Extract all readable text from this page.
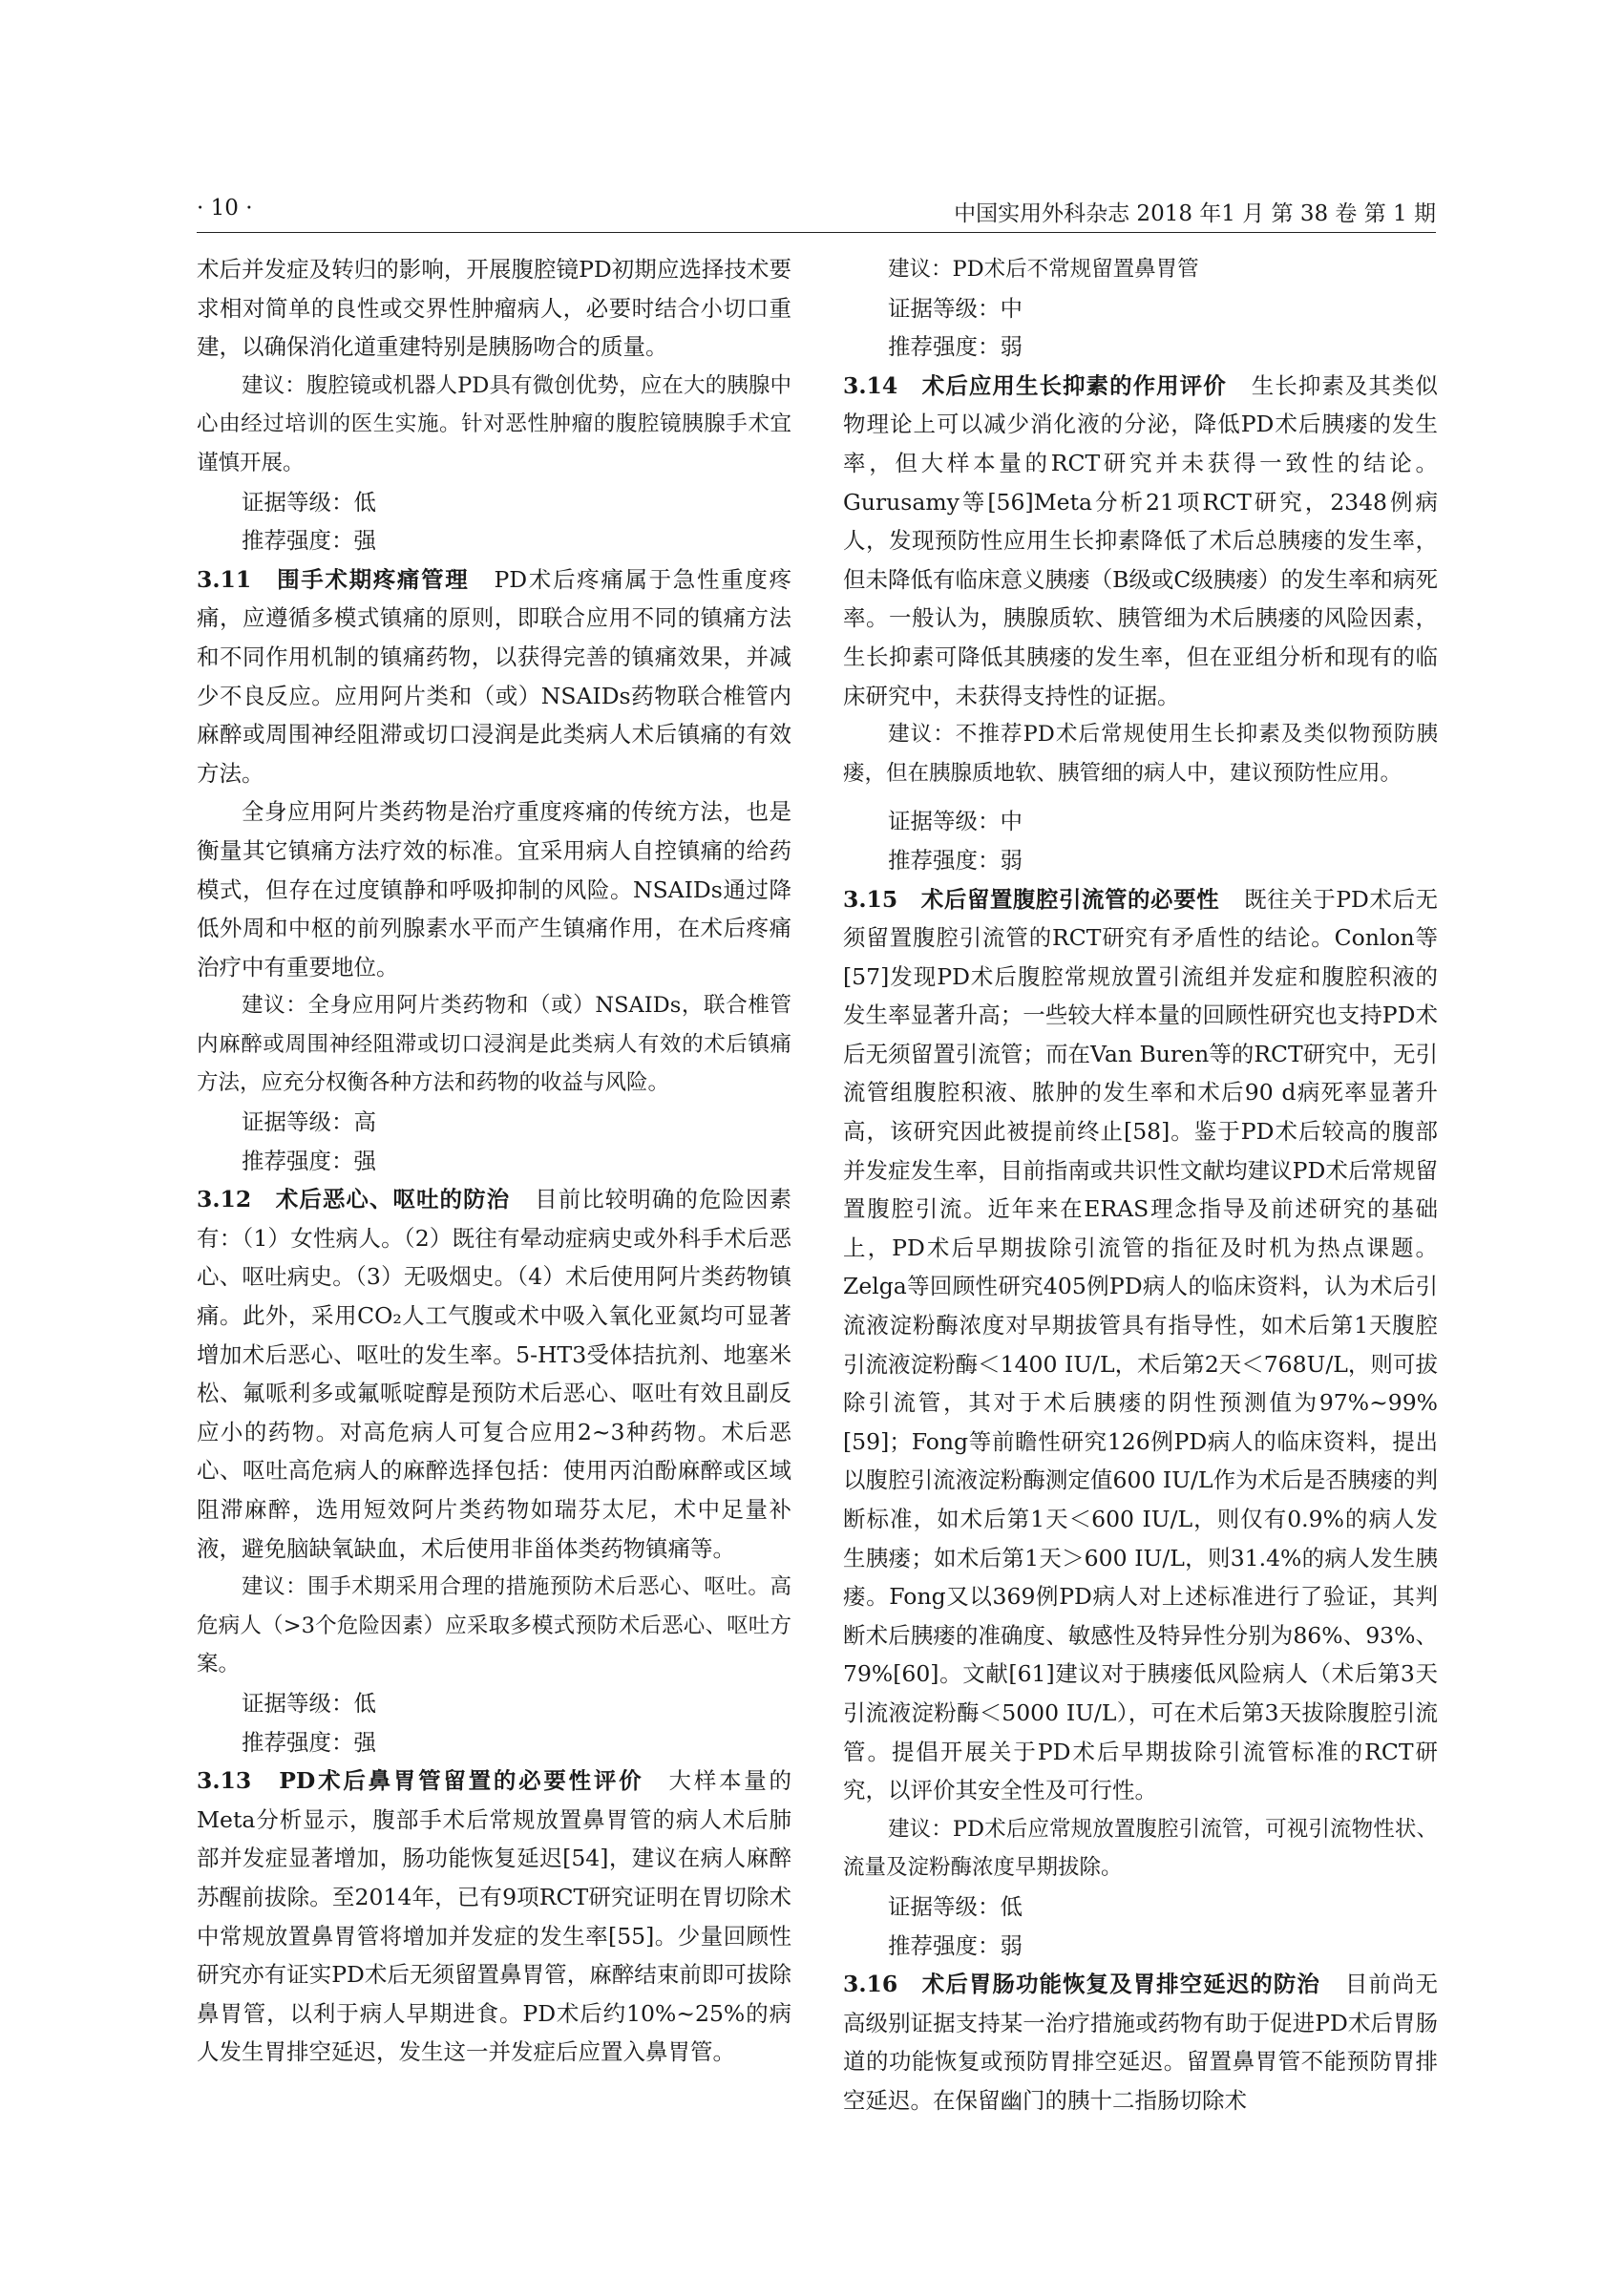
· 10 ·	中国实用外科杂志 2018 年1 月 第 38 卷 第 1 期

术后并发症及转归的影响，开展腹腔镜PD初期应选择技术要求相对简单的良性或交界性肿瘤病人，必要时结合小切口重建，以确保消化道重建特别是胰肠吻合的质量。

建议：腹腔镜或机器人PD具有微创优势，应在大的胰腺中心由经过培训的医生实施。针对恶性肿瘤的腹腔镜胰腺手术宜谨慎开展。

证据等级：低

推荐强度：强

3.11　围手术期疼痛管理 PD术后疼痛属于急性重度疼痛，应遵循多模式镇痛的原则，即联合应用不同的镇痛方法和不同作用机制的镇痛药物，以获得完善的镇痛效果，并减少不良反应。应用阿片类和（或）NSAIDs药物联合椎管内麻醉或周围神经阻滞或切口浸润是此类病人术后镇痛的有效方法。

全身应用阿片类药物是治疗重度疼痛的传统方法，也是衡量其它镇痛方法疗效的标准。宜采用病人自控镇痛的给药模式，但存在过度镇静和呼吸抑制的风险。NSAIDs通过降低外周和中枢的前列腺素水平而产生镇痛作用，在术后疼痛治疗中有重要地位。

建议：全身应用阿片类药物和（或）NSAIDs，联合椎管内麻醉或周围神经阻滞或切口浸润是此类病人有效的术后镇痛方法，应充分权衡各种方法和药物的收益与风险。

证据等级：高

推荐强度：强

3.12　术后恶心、呕吐的防治 目前比较明确的危险因素有：（1）女性病人。（2）既往有晕动症病史或外科手术后恶心、呕吐病史。（3）无吸烟史。（4）术后使用阿片类药物镇痛。此外，采用CO₂人工气腹或术中吸入氧化亚氮均可显著增加术后恶心、呕吐的发生率。5-HT3受体拮抗剂、地塞米松、氟哌利多或氟哌啶醇是预防术后恶心、呕吐有效且副反应小的药物。对高危病人可复合应用2~3种药物。术后恶心、呕吐高危病人的麻醉选择包括：使用丙泊酚麻醉或区域阻滞麻醉，选用短效阿片类药物如瑞芬太尼，术中足量补液，避免脑缺氧缺血，术后使用非甾体类药物镇痛等。

建议：围手术期采用合理的措施预防术后恶心、呕吐。高危病人（>3个危险因素）应采取多模式预防术后恶心、呕吐方案。

证据等级：低

推荐强度：强

3.13　PD术后鼻胃管留置的必要性评价 大样本量的Meta分析显示，腹部手术后常规放置鼻胃管的病人术后肺部并发症显著增加，肠功能恢复延迟[54]，建议在病人麻醉苏醒前拔除。至2014年，已有9项RCT研究证明在胃切除术中常规放置鼻胃管将增加并发症的发生率[55]。少量回顾性研究亦有证实PD术后无须留置鼻胃管，麻醉结束前即可拔除鼻胃管，以利于病人早期进食。PD术后约10%~25%的病人发生胃排空延迟，发生这一并发症后应置入鼻胃管。

建议：PD术后不常规留置鼻胃管

证据等级：中

推荐强度：弱

3.14　术后应用生长抑素的作用评价 生长抑素及其类似物理论上可以减少消化液的分泌，降低PD术后胰瘘的发生率，但大样本量的RCT研究并未获得一致性的结论。Gurusamy等[56]Meta分析21项RCT研究，2348例病人，发现预防性应用生长抑素降低了术后总胰瘘的发生率，但未降低有临床意义胰瘘（B级或C级胰瘘）的发生率和病死率。一般认为，胰腺质软、胰管细为术后胰瘘的风险因素，生长抑素可降低其胰瘘的发生率，但在亚组分析和现有的临床研究中，未获得支持性的证据。

建议：不推荐PD术后常规使用生长抑素及类似物预防胰瘘，但在胰腺质地软、胰管细的病人中，建议预防性应用。

证据等级：中

推荐强度：弱

3.15　术后留置腹腔引流管的必要性 既往关于PD术后无须留置腹腔引流管的RCT研究有矛盾性的结论。Conlon等[57]发现PD术后腹腔常规放置引流组并发症和腹腔积液的发生率显著升高；一些较大样本量的回顾性研究也支持PD术后无须留置引流管；而在Van Buren等的RCT研究中，无引流管组腹腔积液、脓肿的发生率和术后90 d病死率显著升高，该研究因此被提前终止[58]。鉴于PD术后较高的腹部并发症发生率，目前指南或共识性文献均建议PD术后常规留置腹腔引流。近年来在ERAS理念指导及前述研究的基础上，PD术后早期拔除引流管的指征及时机为热点课题。Zelga等回顾性研究405例PD病人的临床资料，认为术后引流液淀粉酶浓度对早期拔管具有指导性，如术后第1天腹腔引流液淀粉酶＜1400 IU/L，术后第2天＜768U/L，则可拔除引流管，其对于术后胰瘘的阴性预测值为97%~99%[59]；Fong等前瞻性研究126例PD病人的临床资料，提出以腹腔引流液淀粉酶测定值600 IU/L作为术后是否胰瘘的判断标准，如术后第1天＜600 IU/L，则仅有0.9%的病人发生胰瘘；如术后第1天＞600 IU/L，则31.4%的病人发生胰瘘。Fong又以369例PD病人对上述标准进行了验证，其判断术后胰瘘的准确度、敏感性及特异性分别为86%、93%、79%[60]。文献[61]建议对于胰瘘低风险病人（术后第3天引流液淀粉酶＜5000 IU/L），可在术后第3天拔除腹腔引流管。提倡开展关于PD术后早期拔除引流管标准的RCT研究，以评价其安全性及可行性。

建议：PD术后应常规放置腹腔引流管，可视引流物性状、流量及淀粉酶浓度早期拔除。

证据等级：低

推荐强度：弱

3.16　术后胃肠功能恢复及胃排空延迟的防治 目前尚无高级别证据支持某一治疗措施或药物有助于促进PD术后胃肠道的功能恢复或预防胃排空延迟。留置鼻胃管不能预防胃排空延迟。在保留幽门的胰十二指肠切除术
